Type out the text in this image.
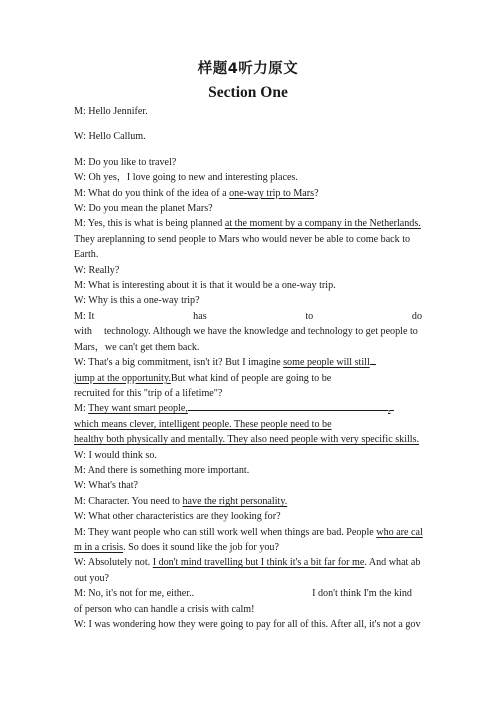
样题4听力原文
Section One

M: Hello Jennifer.

W: Hello Callum.

M: Do you like to travel?

W: Oh yes，I love going to new and interesting places.

M: What do you think of the idea of a one-way trip to Mars?

W: Do you mean the planet Mars?

M: Yes, this is what is being planned at the moment by a company in the Netherlands.
They areplanning to send people to Mars who would never be able to come back to
Earth.

W: Really?

M: What is interesting about it is that it would be a one-way trip.

W: Why is this a one-way trip?

M: It	has	to	do
with technology. Although we have the knowledge and technology to get people to
Mars，we can't get them back.

W: That's a big commitment, isn't it? But I imagine some people will still
jump at the opportunity.But what kind of people are going to be
recruited for this "trip of a lifetime"?

M: They want smart people,	,
which means clever, intelligent people. These people need to be
healthy both physically and mentally. They also need people with very specific skills.

W: I would think so.

M: And there is something more important.

W: What's that?

M: Character. You need to have the right personality.

W: What other characteristics are they looking for?

M: They want people who can still work well when things are bad. People who are cal
m in a crisis. So does it sound like the job for you?

W: Absolutely not. I don't mind travelling but I think it's a bit far for me. And what ab
out you?

M: No, it's not for me, either..	I don't think I'm the kind
of person who can handle a crisis with calm!

W: I was wondering how they were going to pay for all of this. After all, it's not a gov
